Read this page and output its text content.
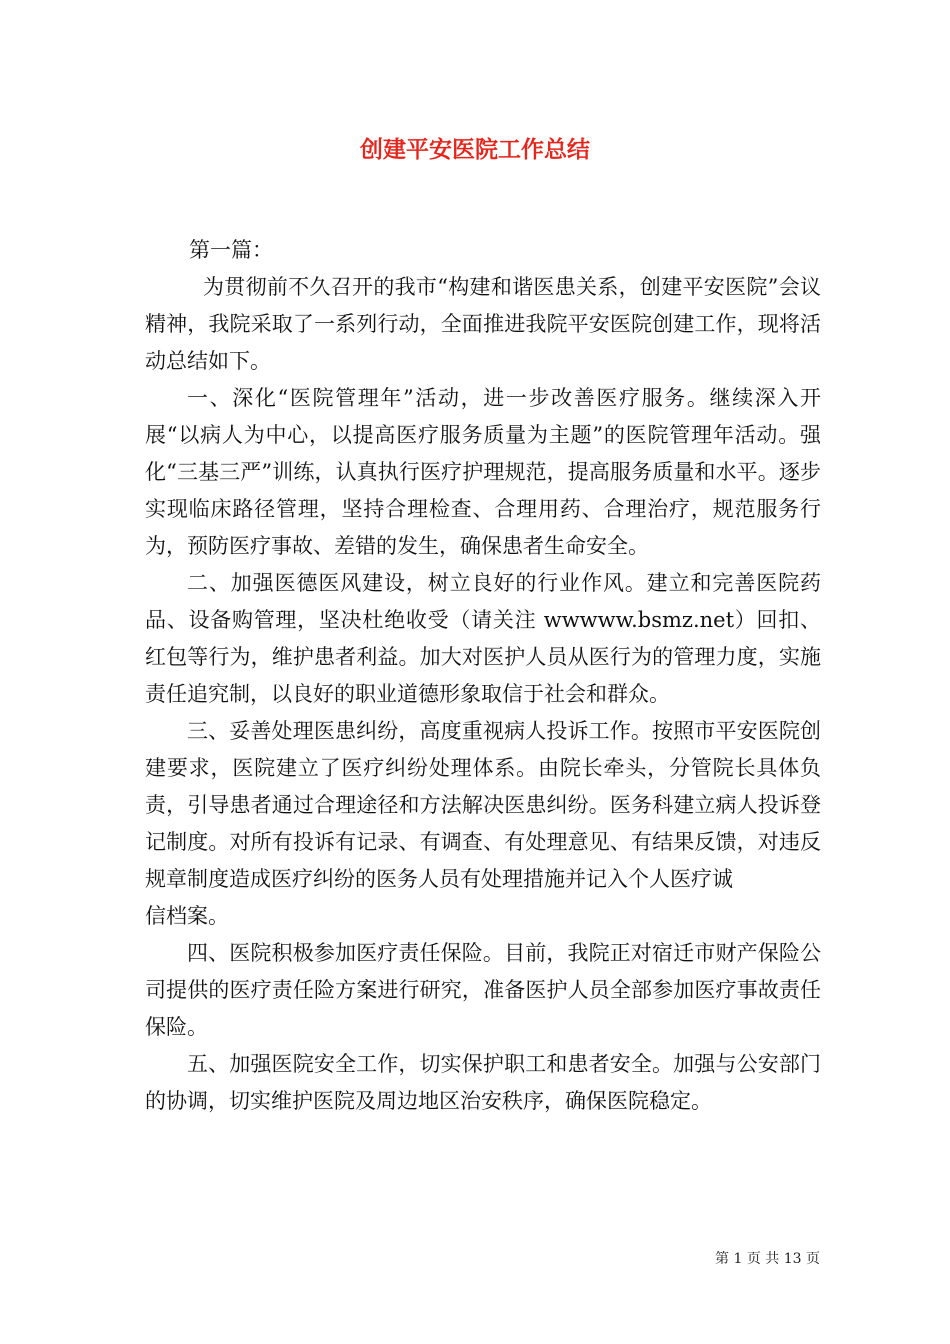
创建平安医院工作总结

第一篇：

为贯彻前不久召开的我市“构建和谐医患关系，创建平安医院”会议精神，我院采取了一系列行动，全面推进我院平安医院创建工作，现将活动总结如下。

一、深化“医院管理年”活动，进一步改善医疗服务。继续深入开展“以病人为中心，以提高医疗服务质量为主题”的医院管理年活动。强化“三基三严”训练，认真执行医疗护理规范，提高服务质量和水平。逐步实现临床路径管理，坚持合理检查、合理用药、合理治疗，规范服务行为，预防医疗事故、差错的发生，确保患者生命安全。

二、加强医德医风建设，树立良好的行业作风。建立和完善医院药品、设备购管理，坚决杜绝收受（请关注 wwwww.bsmz.net）回扣、红包等行为，维护患者利益。加大对医护人员从医行为的管理力度，实施责任追究制，以良好的职业道德形象取信于社会和群众。

三、妥善处理医患纠纷，高度重视病人投诉工作。按照市平安医院创建要求，医院建立了医疗纠纷处理体系。由院长牵头，分管院长具体负责，引导患者通过合理途径和方法解决医患纠纷。医务科建立病人投诉登记制度。对所有投诉有记录、有调查、有处理意见、有结果反馈，对违反规章制度造成医疗纠纷的医务人员有处理措施并记入个人医疗诚

信档案。

四、医院积极参加医疗责任保险。目前，我院正对宿迁市财产保险公司提供的医疗责任险方案进行研究，准备医护人员全部参加医疗事故责任保险。

五、加强医院安全工作，切实保护职工和患者安全。加强与公安部门的协调，切实维护医院及周边地区治安秩序，确保医院稳定。

第 1 页 共 13 页
